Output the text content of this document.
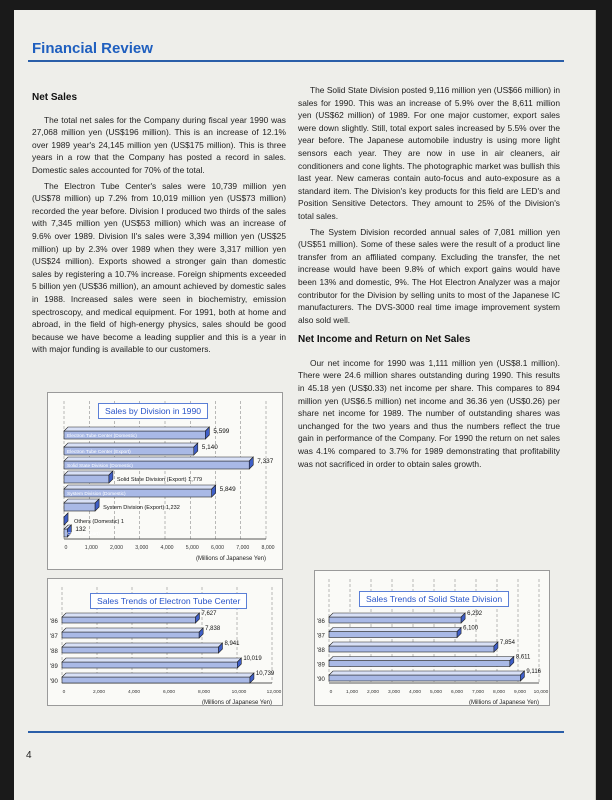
Financial Review
Net Sales

The total net sales for the Company during fiscal year 1990 was 27,068 million yen (US$196 million). This is an increase of 12.1% over 1989 year's 24,145 million yen (US$175 million). This is three years in a row that the Company has posted a record in sales. Domestic sales accounted for 70% of the total.

The Electron Tube Center's sales were 10,739 million yen (US$78 million) up 7.2% from 10,019 million yen (US$73 million) recorded the year before. Division I produced two thirds of the sales with 7,345 million yen (US$53 million) which was an increase of 9.6% over 1989. Division II's sales were 3,394 million yen (US$25 million) up by 2.3% over 1989 when they were 3,317 million yen (US$24 million). Exports showed a stronger gain than domestic sales by registering a 10.7% increase. Foreign shipments exceeded 5 billion yen (US$36 million), an amount achieved by domestic sales in 1988. Increased sales were seen in biochemistry, emission spectroscopy, and medical equipment. For 1991, both at home and abroad, in the field of high-energy physics, sales should be good because we have become a leading supplier and this is a year in with major funding is available to our customers.

The Solid State Division posted 9,116 million yen (US$66 million) in sales for 1990. This was an increase of 5.9% over the 8,611 million yen (US$62 million) of 1989. For one major customer, export sales were down slightly. Still, total export sales increased by 5.5% over the year before. The Japanese automobile industry is using more light sensors each year. They are now in use in air cleaners, air conditioners and cone lights. The photographic market was bullish this last year. New cameras contain auto-focus and auto-exposure as a standard item. The Division's key products for this field are LED's and Position Sensitive Detectors. They amount to 25% of the Division's total sales.

The System Division recorded annual sales of 7,081 million yen (US$51 million). Some of these sales were the result of a product line transfer from an affiliated company. Excluding the transfer, the net increase would have been 9.8% of which export gains would have been 13% and domestic, 9%. The Hot Electron Analyzer was a major contributor for the Division by selling units to most of the Japanese IC manufacturers. The DVS-3000 real time image improvement system also sold well.

Net Income and Return on Net Sales

Our net income for 1990 was 1,111 million yen (US$8.1 million). There were 24.6 million shares outstanding during 1990. This results in 45.18 yen (US$0.33) net income per share. This compares to 894 million yen (US$6.5 million) net income and 36.36 yen (US$0.26) per share net income for 1989. The number of outstanding shares was unchanged for the two years and thus the numbers reflect the true gain in performance of the Company. For 1990 the return on net sales was 4.1% compared to 3.7% for 1989 demonstrating that profitability was not sacrificed in order to obtain sales growth.

0	1,000 2,000 3,000 4,000 5,000 6,000 7,000 8,000
(Millions of Japanese Yen)
Electron Tube Center (Domestic)
5,599
Electron Tube Center (Export)
5,140
Solid State Division (Domestic)
7,337
Solid State Division (Export) 1,779
System Division (Domestic)
5,849
System Division (Export) 1,232
Others (Domestic) 1
Others (Export)
132
Sales by Division in 1990
0	2,000	4,000	6,000	8,000	10,000	12,000
(Millions of Japanese Yen)
'86
7,627
'87
7,838
'88
8,941
'89
10,019
'90
10,739
Sales Trends of Electron Tube Center
0	1,000 2,000 3,000 4,000 5,000 6,000 7,000 8,000 9,000 10,000
(Millions of Japanese Yen)
'86
6,292
'87
6,100
'88
7,854
'89
8,611
'90
9,116
Sales Trends of Solid State Division
4
